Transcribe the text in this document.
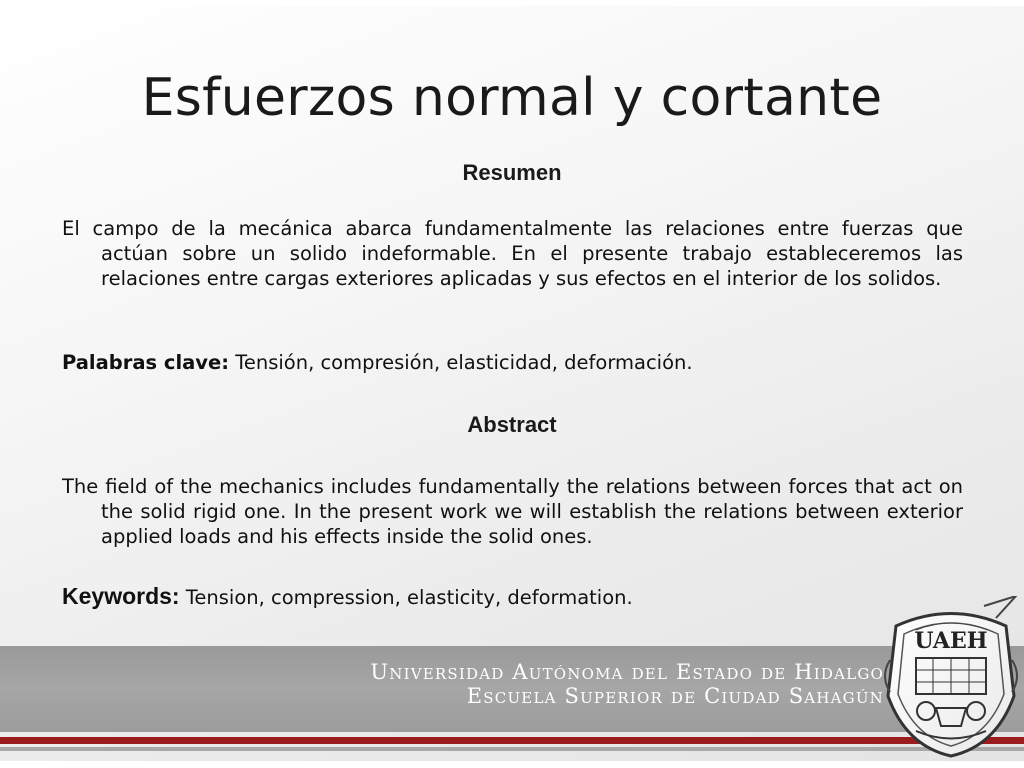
Esfuerzos normal y cortante
Resumen
El campo de la mecánica abarca fundamentalmente las relaciones entre fuerzas que actúan sobre un solido indeformable. En el presente trabajo estableceremos las relaciones entre cargas exteriores aplicadas y sus efectos en el interior de los solidos.
Palabras clave: Tensión, compresión, elasticidad, deformación.
Abstract
The field of the mechanics includes fundamentally the relations between forces that act on the solid rigid one. In the present work we will establish the relations between exterior applied loads and his effects inside the solid ones.
Keywords: Tension, compression, elasticity, deformation.
Universidad Autónoma del Estado de Hidalgo
Escuela Superior de Ciudad Sahagún
UAEH
